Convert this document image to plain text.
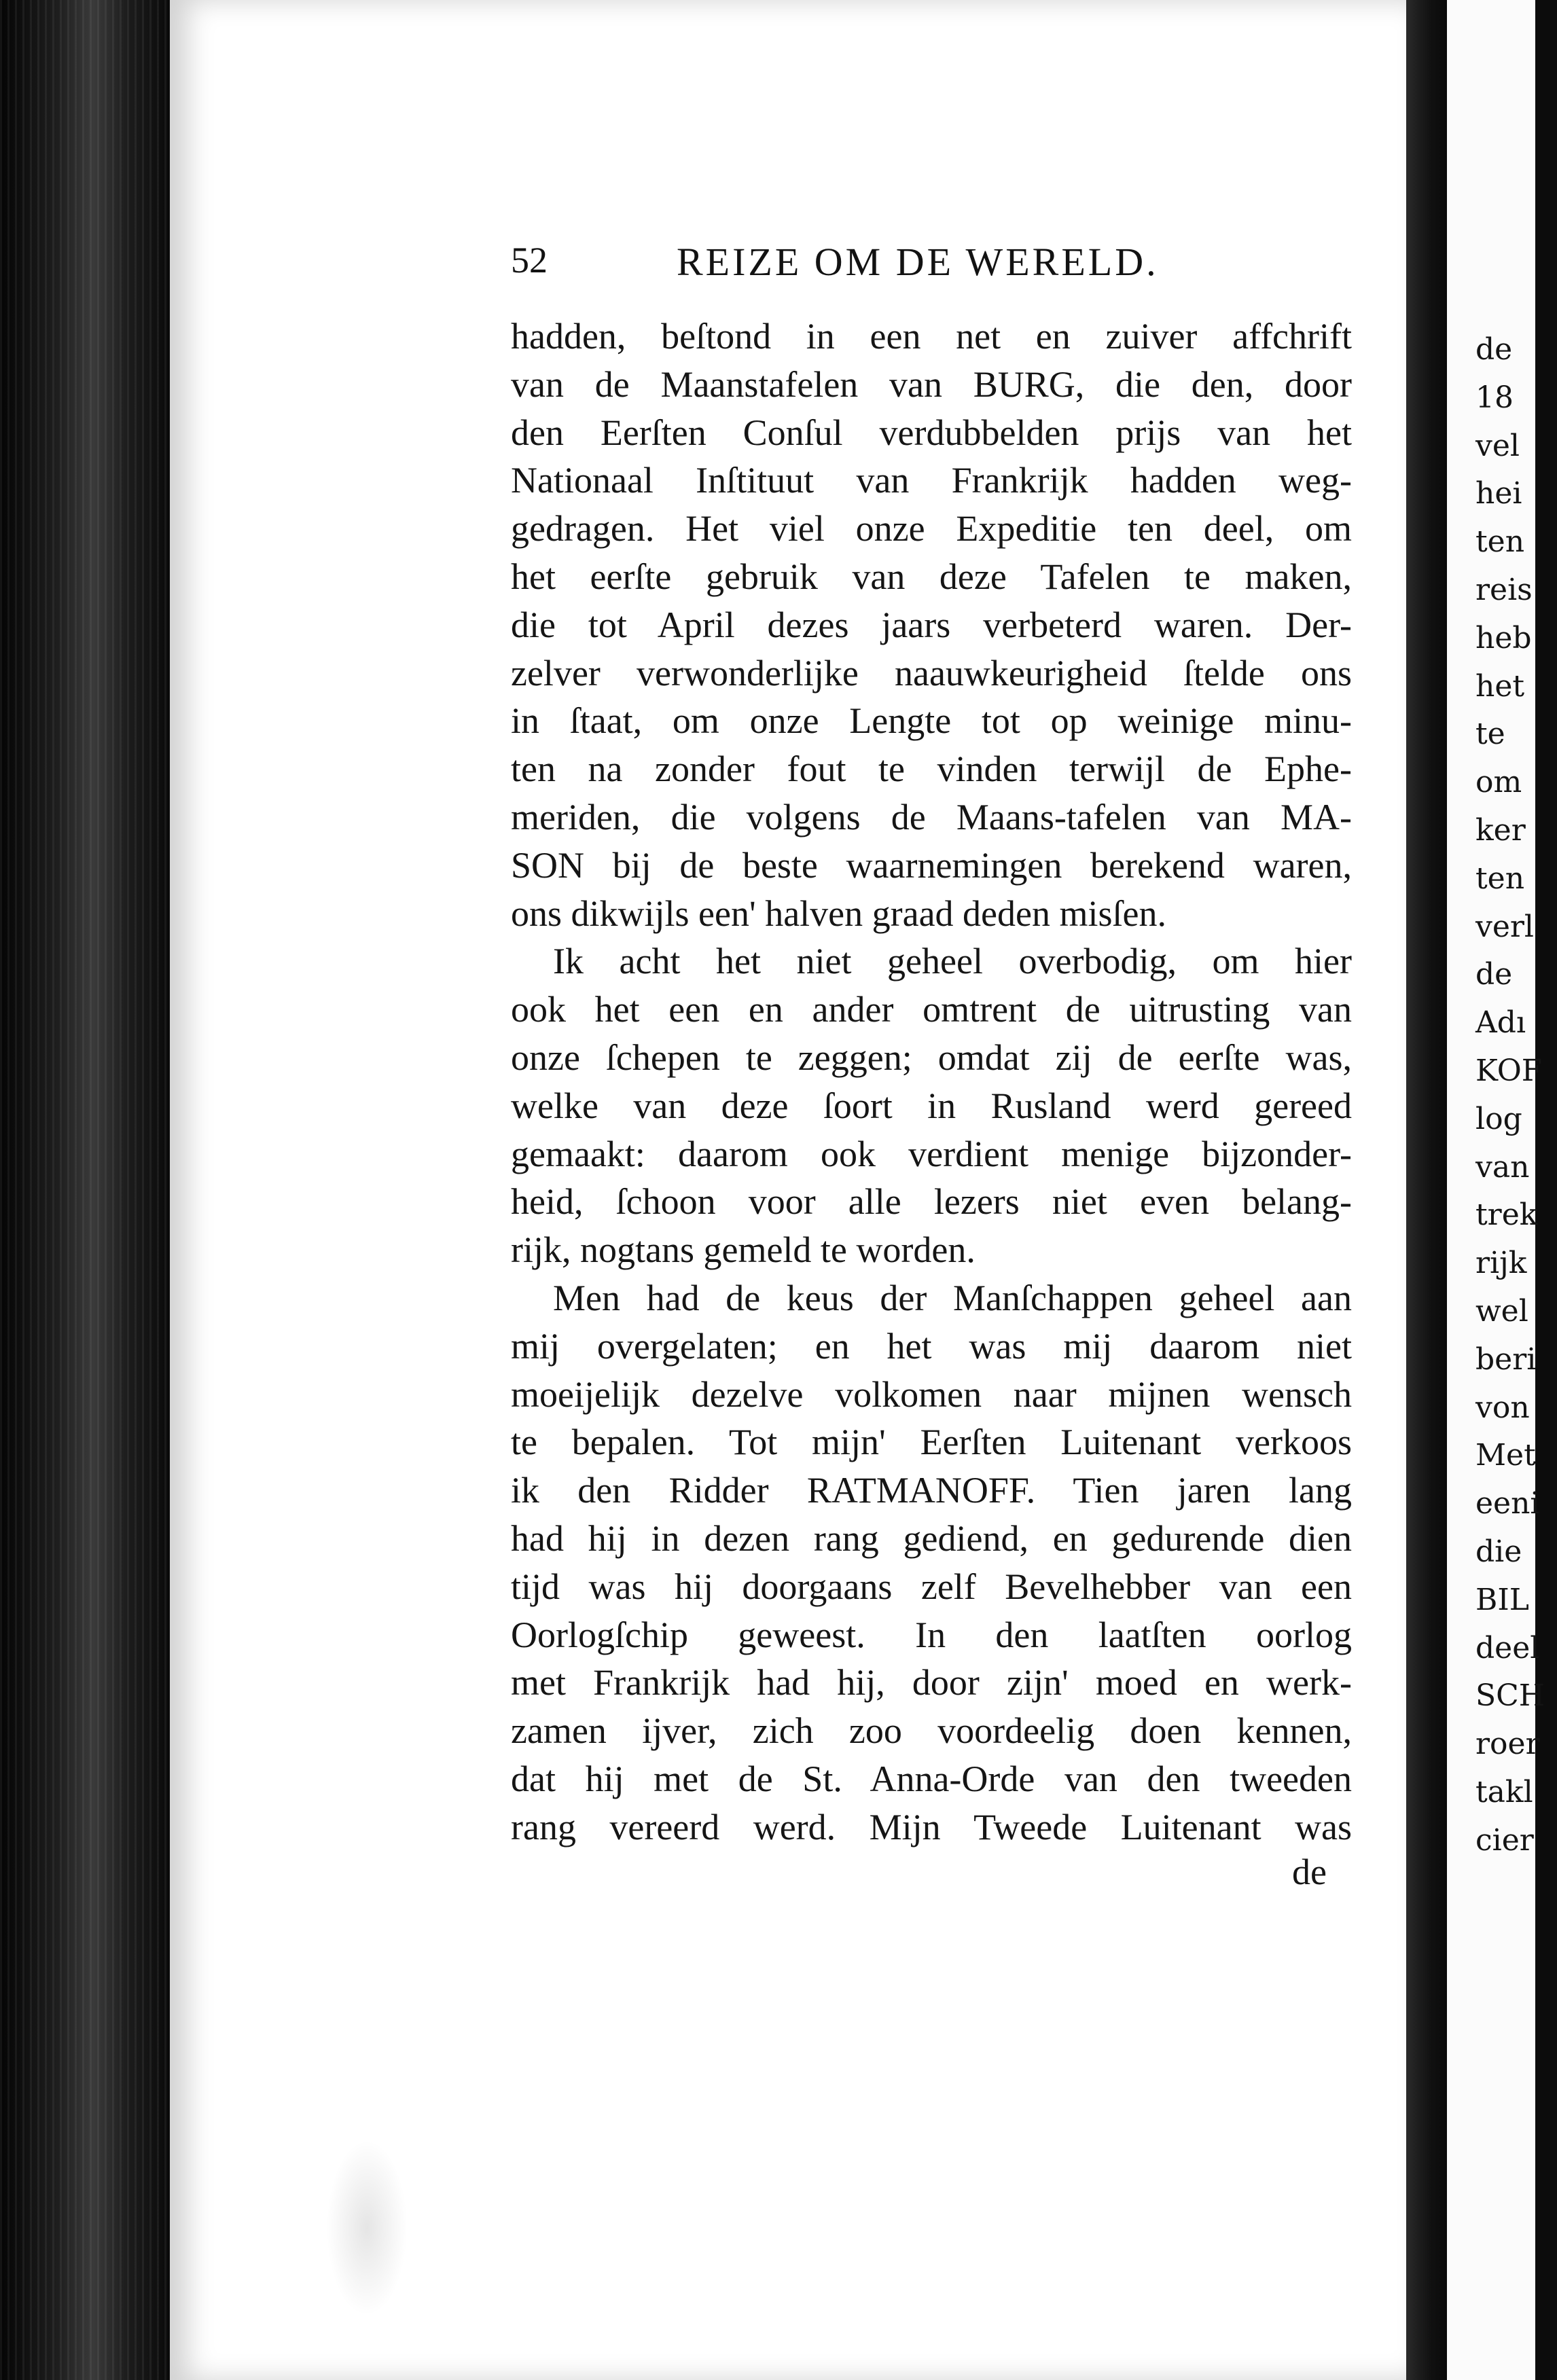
52	REIZE OM DE WERELD.
hadden, beſtond in een net en zuiver affchrift
van de Maanstafelen van BURG, die den, door
den Eerſten Conſul verdubbelden prijs van het
Nationaal Inſtituut van Frankrijk hadden weg-
gedragen. Het viel onze Expeditie ten deel, om
het eerſte gebruik van deze Tafelen te maken,
die tot April dezes jaars verbeterd waren. Der-
zelver verwonderlijke naauwkeurigheid ſtelde ons
in ſtaat, om onze Lengte tot op weinige minu-
ten na zonder fout te vinden terwijl de Ephe-
meriden, die volgens de Maans-tafelen van MA-
SON bij de beste waarnemingen berekend waren,
ons dikwijls een' halven graad deden misſen.
Ik acht het niet geheel overbodig, om hier
ook het een en ander omtrent de uitrusting van
onze ſchepen te zeggen; omdat zij de eerſte was,
welke van deze ſoort in Rusland werd gereed
gemaakt: daarom ook verdient menige bijzonder-
heid, ſchoon voor alle lezers niet even belang-
rijk, nogtans gemeld te worden.
Men had de keus der Manſchappen geheel aan
mij overgelaten; en het was mij daarom niet
moeijelijk dezelve volkomen naar mijnen wensch
te bepalen. Tot mijn' Eerſten Luitenant verkoos
ik den Ridder RATMANOFF. Tien jaren lang
had hij in dezen rang gediend, en gedurende dien
tijd was hij doorgaans zelf Bevelhebber van een
Oorlogſchip geweest. In den laatſten oorlog
met Frankrijk had hij, door zijn' moed en werk-
zamen ijver, zich zoo voordeelig doen kennen,
dat hij met de St. Anna-Orde van den tweeden
rang vereerd werd. Mijn Tweede Luitenant was
de
de
18
vel
hei
ten
reis
heb
het
te
om
ker
ten
verl
de
Adı
KOF
log
van
trek
rijk
wel
beri
von
Met
eeni
die
BIL
deel
SCH
roer
takl
cier
